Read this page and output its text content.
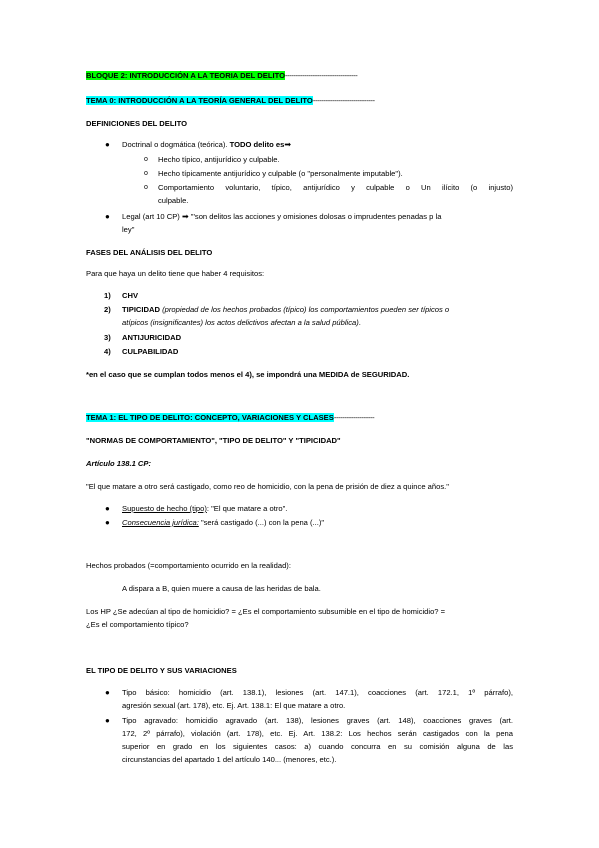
BLOQUE 2: INTRODUCCIÓN A LA TEORIA DEL DELITO----------------------------------
TEMA 0: INTRODUCCIÓN A LA TEORÍA GENERAL DEL DELITO-----------------------------
DEFINICIONES DEL DELITO
● Doctrinal o dogmática (teórica). TODO delito es➡
o Hecho típico, antijurídico y culpable.
o Hecho típicamente antijurídico y culpable (o "personalmente imputable").
o Comportamiento voluntario, típico, antijurídico y culpable o Un ilícito (o injusto)
culpable.
● Legal (art 10 CP) ➡ "'son delitos las acciones y omisiones dolosas o imprudentes penadas p la
ley"
FASES DEL ANÁLISIS DEL DELITO
Para que haya un delito tiene que haber 4 requisitos:
1) CHV
2) TIPICIDAD (propiedad de los hechos probados (típico) los comportamientos pueden ser típicos o
atípicos (insignificantes) los actos delictivos afectan a la salud pública).
3) ANTIJURICIDAD
4) CULPABILIDAD
*en el caso que se cumplan todos menos el 4), se impondrá una MEDIDA de SEGURIDAD.
TEMA 1: EL TIPO DE DELITO: CONCEPTO, VARIACIONES Y CLASES-------------------
"NORMAS DE COMPORTAMIENTO", "TIPO DE DELITO" Y "TIPICIDAD"
Artículo 138.1 CP:
"El que matare a otro será castigado, como reo de homicidio, con la pena de prisión de diez a quince años."
● Supuesto de hecho (tipo): "El que matare a otro".
● Consecuencia jurídica: "será castigado (...) con la pena (...)"
Hechos probados (=comportamiento ocurrido en la realidad):
A dispara a B, quien muere a causa de las heridas de bala.
Los HP ¿Se adecúan al tipo de homicidio? = ¿Es el comportamiento subsumible en el tipo de homicidio? =
¿Es el comportamiento típico?
EL TIPO DE DELITO Y SUS VARIACIONES
● Tipo básico: homicidio (art. 138.1), lesiones (art. 147.1), coacciones (art. 172.1, 1º párrafo),
agresión sexual (art. 178), etc. Ej. Art. 138.1: El que matare a otro.
● Tipo agravado: homicidio agravado (art. 138), lesiones graves (art. 148), coacciones graves (art.
172, 2º párrafo), violación (art. 178), etc. Ej. Art. 138.2: Los hechos serán castigados con la pena
superior en grado en los siguientes casos: a) cuando concurra en su comisión alguna de las
circunstancias del apartado 1 del artículo 140... (menores, etc.).
